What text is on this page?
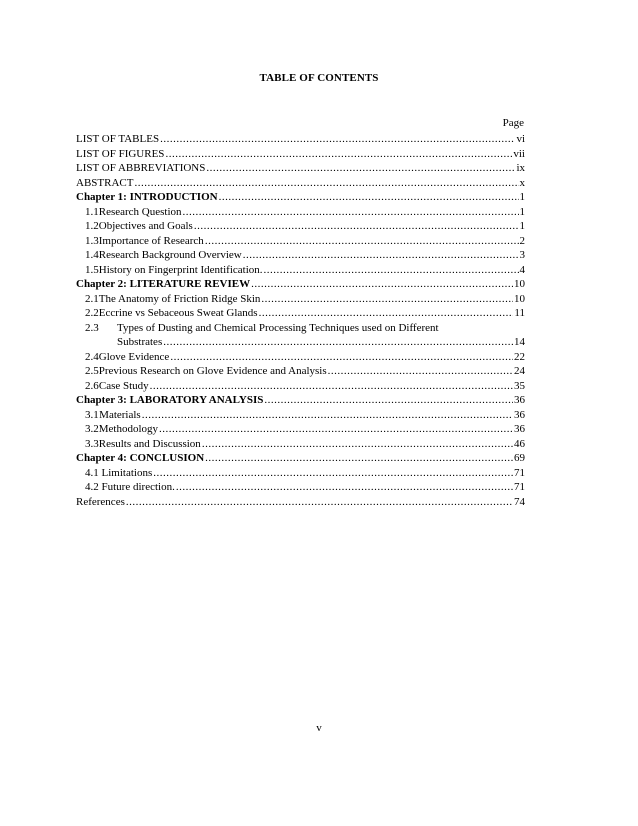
TABLE OF CONTENTS
Page
LIST OF TABLES .....	vi
LIST OF FIGURES .....	vii
LIST OF ABBREVIATIONS .....	ix
ABSTRACT .....	x
Chapter 1: INTRODUCTION .....	1
1.1 Research Question .....	1
1.2 Objectives and Goals .....	1
1.3 Importance of Research .....	2
1.4 Research Background Overview .....	3
1.5 History on Fingerprint Identification. .....	4
Chapter 2: LITERATURE REVIEW .....	10
2.1 The Anatomy of Friction Ridge Skin .....	10
2.2 Eccrine vs Sebaceous Sweat Glands .....	11
2.3	Types of Dusting and Chemical Processing Techniques used on Different
Substrates .....	14
2.4 Glove Evidence .....	22
2.5 Previous Research on Glove Evidence and Analysis .....	24
2.6 Case Study .....	35
Chapter 3: LABORATORY ANALYSIS .....	36
3.1 Materials .....	36
3.2 Methodology .....	36
3.3 Results and Discussion .....	46
Chapter 4: CONCLUSION .....	69
4.1 Limitations .....	71
4.2 Future direction. .....	71
References .....	74
v
